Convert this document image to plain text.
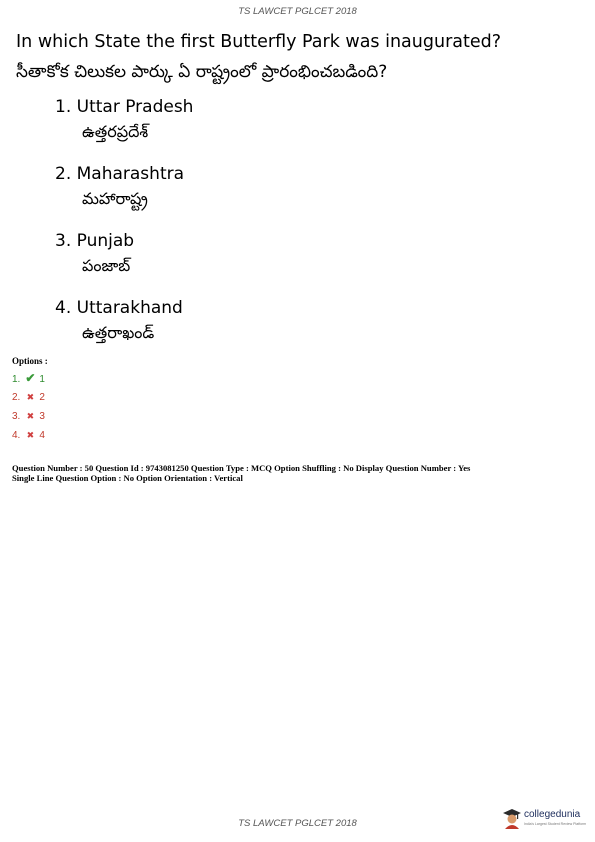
TS LAWCET PGLCET 2018
In which State the first Butterfly Park was inaugurated?
సీతాకోక చిలుకల పార్కు ఏ రాష్ట్రంలో ప్రారంభించబడింది?
1. Uttar Pradesh
ఉత్తరప్రదేశ్
2. Maharashtra
మహారాష్ట్ర
3. Punjab
పంజాబ్
4. Uttarakhand
ఉత్తరాఖండ్
Options :
1. ✔ 1
2. ✖ 2
3. ✖ 3
4. ✖ 4
Question Number : 50 Question Id : 9743081250 Question Type : MCQ Option Shuffling : No Display Question Number : Yes
Single Line Question Option : No Option Orientation : Vertical
TS LAWCET PGLCET 2018
collegedunia
India's Largest Student Review Platform
